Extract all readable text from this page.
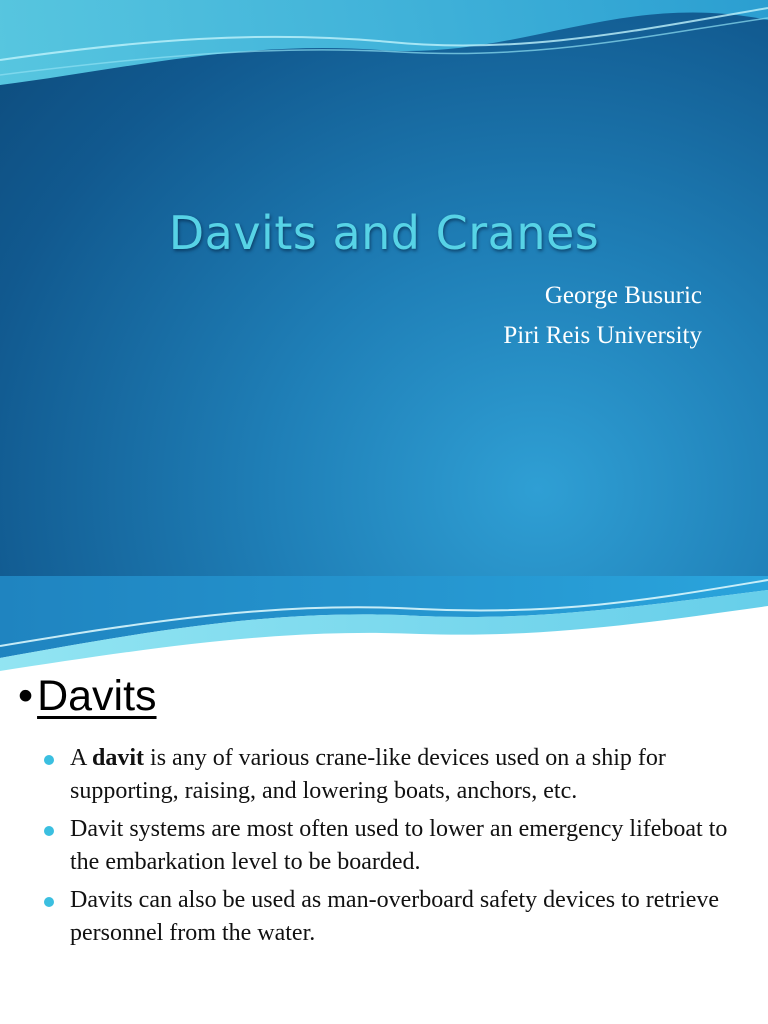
Davits and Cranes
George Busuric
Piri Reis University
• Davits
A davit is any of various crane-like devices used on a ship for supporting, raising, and lowering boats, anchors, etc.
Davit systems are most often used to lower an emergency lifeboat to the embarkation level to be boarded.
Davits can also be used as man-overboard safety devices to retrieve personnel from the water.
